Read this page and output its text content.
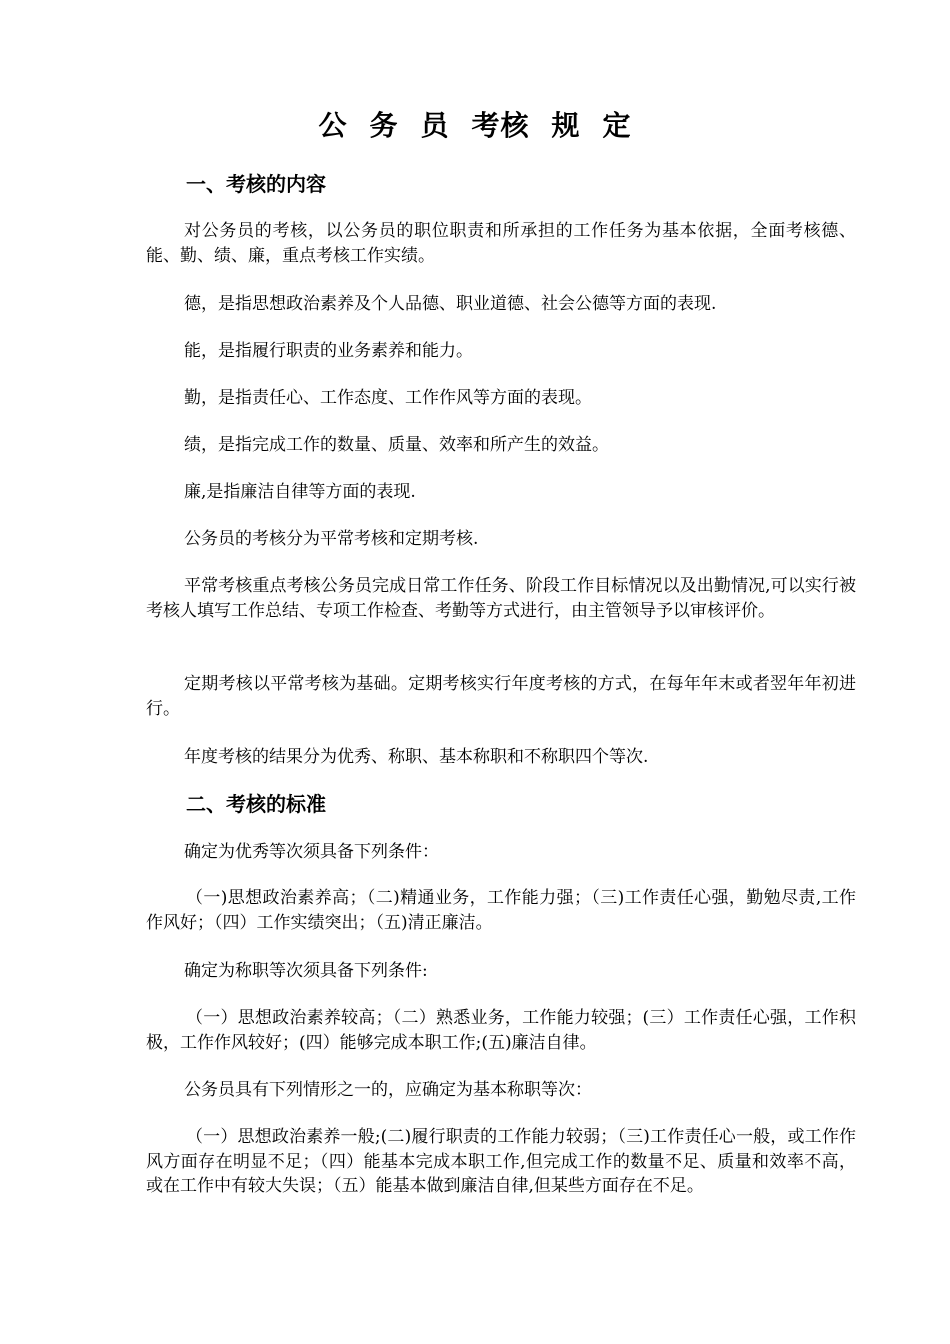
公 务 员 考核 规 定
一、考核的内容
对公务员的考核，以公务员的职位职责和所承担的工作任务为基本依据，全面考核德、能、勤、绩、廉，重点考核工作实绩。
德，是指思想政治素养及个人品德、职业道德、社会公德等方面的表现.
能，是指履行职责的业务素养和能力。
勤，是指责任心、工作态度、工作作风等方面的表现。
绩，是指完成工作的数量、质量、效率和所产生的效益。
廉,是指廉洁自律等方面的表现.
公务员的考核分为平常考核和定期考核.
平常考核重点考核公务员完成日常工作任务、阶段工作目标情况以及出勤情况,可以实行被考核人填写工作总结、专项工作检查、考勤等方式进行，由主管领导予以审核评价。
定期考核以平常考核为基础。定期考核实行年度考核的方式，在每年年末或者翌年年初进行。
年度考核的结果分为优秀、称职、基本称职和不称职四个等次.
二、考核的标准
确定为优秀等次须具备下列条件：
（一)思想政治素养高；（二)精通业务，工作能力强；（三)工作责任心强，勤勉尽责,工作作风好；（四）工作实绩突出；（五)清正廉洁。
确定为称职等次须具备下列条件:
（一）思想政治素养较高；（二）熟悉业务，工作能力较强；(三）工作责任心强，工作积极，工作作风较好；(四）能够完成本职工作;(五)廉洁自律。
公务员具有下列情形之一的，应确定为基本称职等次：
（一）思想政治素养一般;(二)履行职责的工作能力较弱；（三)工作责任心一般，或工作作风方面存在明显不足；（四）能基本完成本职工作,但完成工作的数量不足、质量和效率不高，或在工作中有较大失误；（五）能基本做到廉洁自律,但某些方面存在不足。
